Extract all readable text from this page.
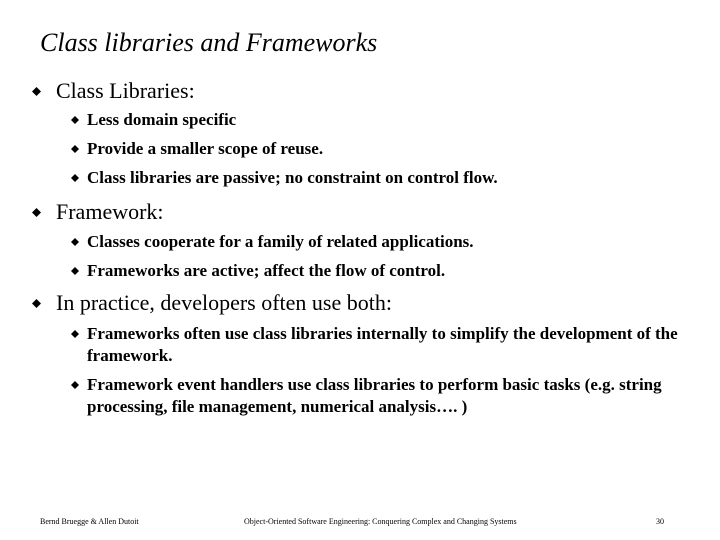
Class libraries and Frameworks
Class Libraries:
Less domain specific
Provide a smaller scope of reuse.
Class libraries are passive; no constraint on control flow.
Framework:
Classes cooperate for a family of related applications.
Frameworks are active; affect the flow of control.
In practice, developers often use both:
Frameworks often use class libraries internally to simplify the development of the framework.
Framework event handlers use class libraries to perform basic tasks (e.g. string processing, file management, numerical analysis…. )
Bernd Bruegge & Allen Dutoit	Object-Oriented Software Engineering: Conquering Complex and Changing Systems	30
